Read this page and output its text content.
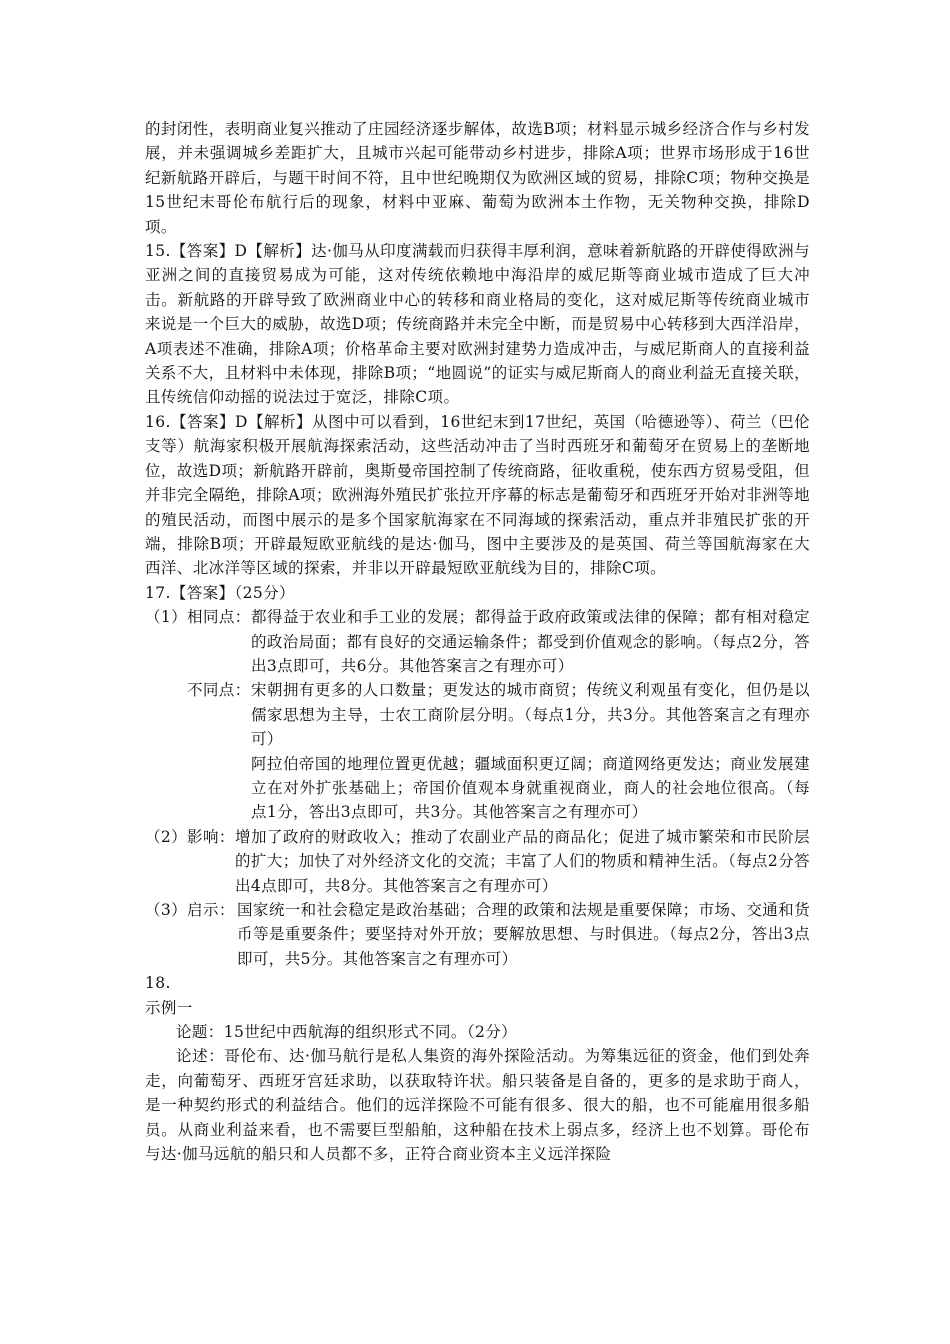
的封闭性，表明商业复兴推动了庄园经济逐步解体，故选B项；材料显示城乡经济合作与乡村发展，并未强调城乡差距扩大，且城市兴起可能带动乡村进步，排除A项；世界市场形成于16世纪新航路开辟后，与题干时间不符，且中世纪晚期仅为欧洲区域的贸易，排除C项；物种交换是15世纪末哥伦布航行后的现象，材料中亚麻、葡萄为欧洲本土作物，无关物种交换，排除D项。

15.【答案】D【解析】达·伽马从印度满载而归获得丰厚利润，意味着新航路的开辟使得欧洲与亚洲之间的直接贸易成为可能，这对传统依赖地中海沿岸的威尼斯等商业城市造成了巨大冲击。新航路的开辟导致了欧洲商业中心的转移和商业格局的变化，这对威尼斯等传统商业城市来说是一个巨大的威胁，故选D项；传统商路并未完全中断，而是贸易中心转移到大西洋沿岸，A项表述不准确，排除A项；价格革命主要对欧洲封建势力造成冲击，与威尼斯商人的直接利益关系不大，且材料中未体现，排除B项；“地圆说”的证实与威尼斯商人的商业利益无直接关联，且传统信仰动摇的说法过于宽泛，排除C项。

16.【答案】D【解析】从图中可以看到，16世纪末到17世纪，英国（哈德逊等）、荷兰（巴伦支等）航海家积极开展航海探索活动，这些活动冲击了当时西班牙和葡萄牙在贸易上的垄断地位，故选D项；新航路开辟前，奥斯曼帝国控制了传统商路，征收重税，使东西方贸易受阻，但并非完全隔绝，排除A项；欧洲海外殖民扩张拉开序幕的标志是葡萄牙和西班牙开始对非洲等地的殖民活动，而图中展示的是多个国家航海家在不同海域的探索活动，重点并非殖民扩张的开端，排除B项；开辟最短欧亚航线的是达·伽马，图中主要涉及的是英国、荷兰等国航海家在大西洋、北冰洋等区域的探索，并非以开辟最短欧亚航线为目的，排除C项。

17.【答案】（25分）

（1）相同点： 都得益于农业和手工业的发展；都得益于政府政策或法律的保障；都有相对稳定的政治局面；都有良好的交通运输条件；都受到价值观念的影响。（每点2分，答出3点即可，共6分。其他答案言之有理亦可）
不同点： 宋朝拥有更多的人口数量；更发达的城市商贸；传统义利观虽有变化，但仍是以儒家思想为主导，士农工商阶层分明。（每点1分，共3分。其他答案言之有理亦可）

阿拉伯帝国的地理位置更优越；疆域面积更辽阔；商道网络更发达；商业发展建立在对外扩张基础上；帝国价值观本身就重视商业，商人的社会地位很高。（每点1分，答出3点即可，共3分。其他答案言之有理亦可）

（2）影响： 增加了政府的财政收入；推动了农副业产品的商品化；促进了城市繁荣和市民阶层的扩大；加快了对外经济文化的交流；丰富了人们的物质和精神生活。（每点2分答出4点即可，共8分。其他答案言之有理亦可）
（3）启示： 国家统一和社会稳定是政治基础；合理的政策和法规是重要保障；市场、交通和货币等是重要条件；要坚持对外开放；要解放思想、与时俱进。（每点2分，答出3点即可，共5分。其他答案言之有理亦可）

18.

示例一

论题：15世纪中西航海的组织形式不同。（2分）

论述：哥伦布、达·伽马航行是私人集资的海外探险活动。为筹集远征的资金，他们到处奔走，向葡萄牙、西班牙宫廷求助，以获取特许状。船只装备是自备的，更多的是求助于商人，是一种契约形式的利益结合。他们的远洋探险不可能有很多、很大的船，也不可能雇用很多船员。从商业利益来看，也不需要巨型船舶，这种船在技术上弱点多，经济上也不划算。哥伦布与达·伽马远航的船只和人员都不多，正符合商业资本主义远洋探险
